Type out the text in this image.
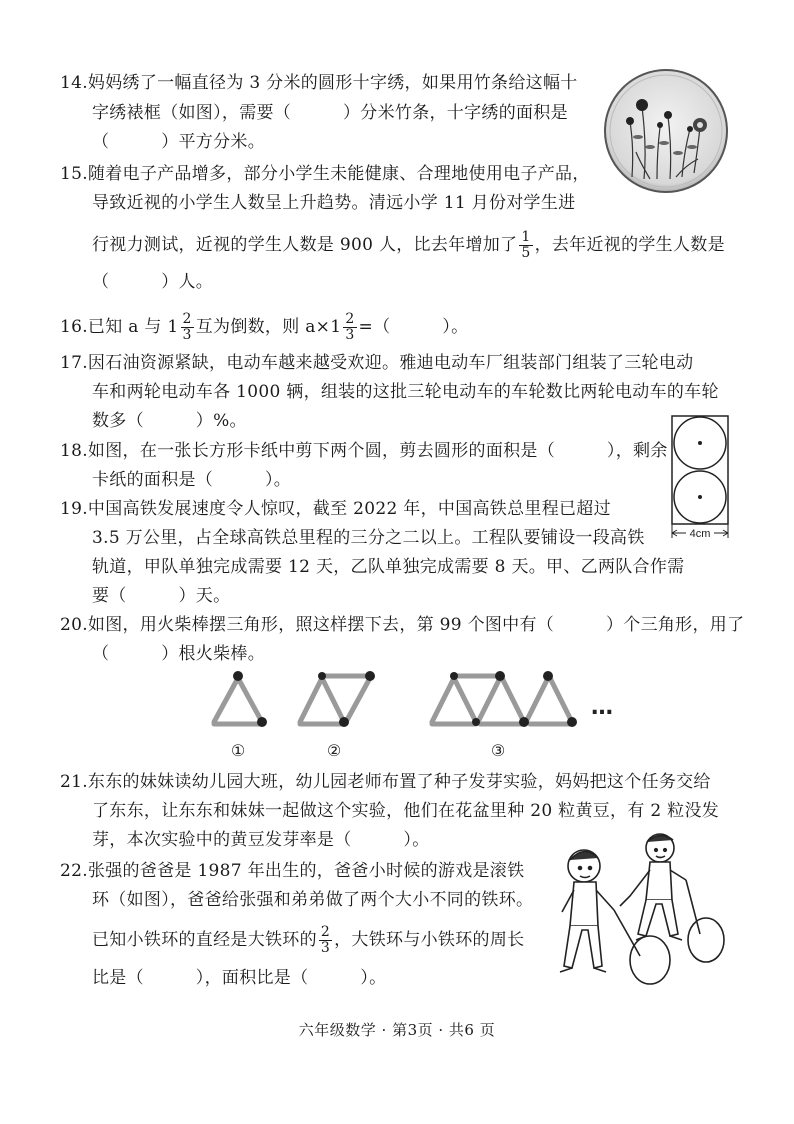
14.妈妈绣了一幅直径为 3 分米的圆形十字绣，如果用竹条给这幅十
字绣裱框（如图），需要（　　　）分米竹条，十字绣的面积是
（　　　）平方分米。
15.随着电子产品增多，部分小学生未能健康、合理地使用电子产品，
导致近视的小学生人数呈上升趋势。清远小学 11 月份对学生进
行视力测试，近视的学生人数是 900 人，比去年增加了 $\frac{1}{5}$ ，去年近视的学生人数是
（　　　）人。
16.已知 a 与 $1 \frac{2}{3}$ 互为倒数，则 $a\times 1 \frac{2}{3}$ =（　　　）。
17.因石油资源紧缺，电动车越来越受欢迎。雅迪电动车厂组装部门组装了三轮电动
车和两轮电动车各 1000 辆，组装的这批三轮电动车的车轮数比两轮电动车的车轮
数多（　　　）%。
18.如图，在一张长方形卡纸中剪下两个圆，剪去圆形的面积是（　　　），剩余
卡纸的面积是（　　　）。
4cm
19.中国高铁发展速度令人惊叹，截至 2022 年，中国高铁总里程已超过
3.5 万公里，占全球高铁总里程的三分之二以上。工程队要铺设一段高铁
轨道，甲队单独完成需要 12 天，乙队单独完成需要 8 天。甲、乙两队合作需
要（　　　）天。
20.如图，用火柴棒摆三角形，照这样摆下去，第 99 个图中有（　　　）个三角形，用了
（　　　）根火柴棒。
①	②	③
…
21.东东的妹妹读幼儿园大班，幼儿园老师布置了种子发芽实验，妈妈把这个任务交给
了东东，让东东和妹妹一起做这个实验，他们在花盆里种 20 粒黄豆，有 2 粒没发
芽，本次实验中的黄豆发芽率是（　　　）。
22.张强的爸爸是 1987 年出生的，爸爸小时候的游戏是滚铁
环（如图），爸爸给张强和弟弟做了两个大小不同的铁环。
已知小铁环的直经是大铁环的 $\frac{2}{3}$ ，大铁环与小铁环的周长
比是（　　　），面积比是（　　　）。
六年级数学 · 第3页 · 共6 页
